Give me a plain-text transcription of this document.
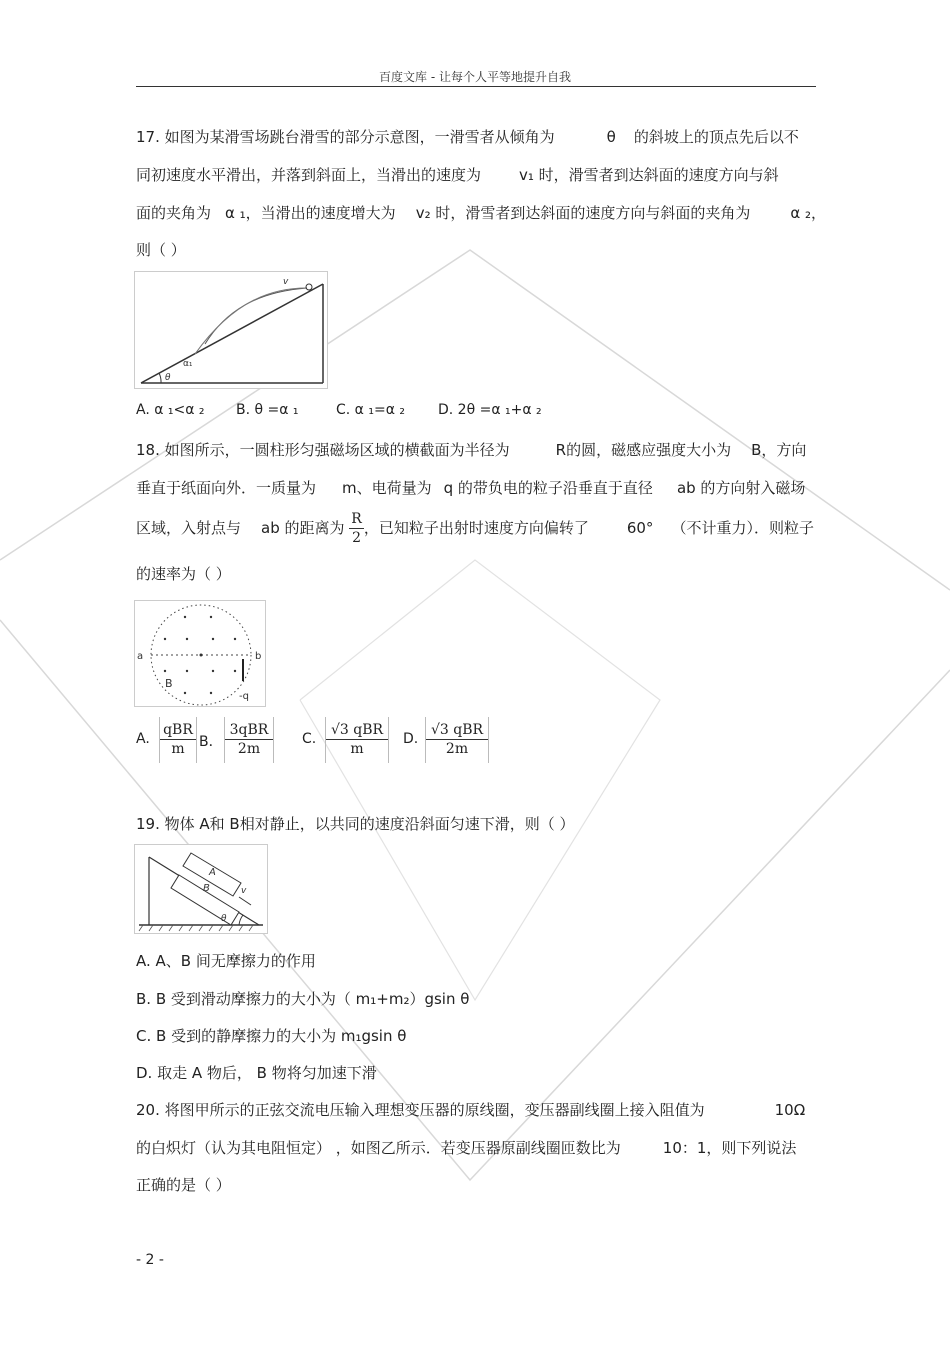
百度文库 - 让每个人平等地提升自我
17. 如图为某滑雪场跳台滑雪的部分示意图，一滑雪者从倾角为	θ 的斜坡上的顶点先后以不
同初速度水平滑出，并落到斜面上，当滑出的速度为	v₁ 时，滑雪者到达斜面的速度方向与斜
面的夹角为 α ₁，当滑出的速度增大为 v₂ 时，滑雪者到达斜面的速度方向与斜面的夹角为	α ₂，
则（ ）
v
α₁
θ
A. α ₁<α ₂ B. θ =α ₁	C. α ₁=α ₂ D. 2θ =α ₁+α ₂
18. 如图所示，一圆柱形匀强磁场区域的横截面为半径为	R的圆，磁感应强度大小为 B，方向
垂直于纸面向外．一质量为 m、电荷量为 q 的带负电的粒子沿垂直于直径 ab 的方向射入磁场
区域，入射点与 ab 的距离为 $\frac{R}{2}$ ，已知粒子出射时速度方向偏转了	60° （不计重力）．则粒子
的速率为（ ）
a	b
B
-q
A. $\frac{\text{qBR}}{m}$ B． $\frac{\text{3qBR}}{2m} C$. $\frac{\text{√3 qBR}}{m} D$. $\frac{\text{√3 qBR}}{2m}$
19. 物体 A和 B相对静止，以共同的速度沿斜面匀速下滑，则（ ）
A
B	v
θ
A. A、B 间无摩擦力的作用
B. B 受到滑动摩擦力的大小为（ m₁+m₂）gsin θ
C. B 受到的静摩擦力的大小为 m₁gsin θ
D. 取走 A 物后， B 物将匀加速下滑
20. 将图甲所示的正弦交流电压输入理想变压器的原线圈，变压器副线圈上接入阻值为	10Ω
的白炽灯（认为其电阻恒定） ，如图乙所示．若变压器原副线圈匝数比为	10：1，则下列说法
正确的是（ ）
- 2 -
